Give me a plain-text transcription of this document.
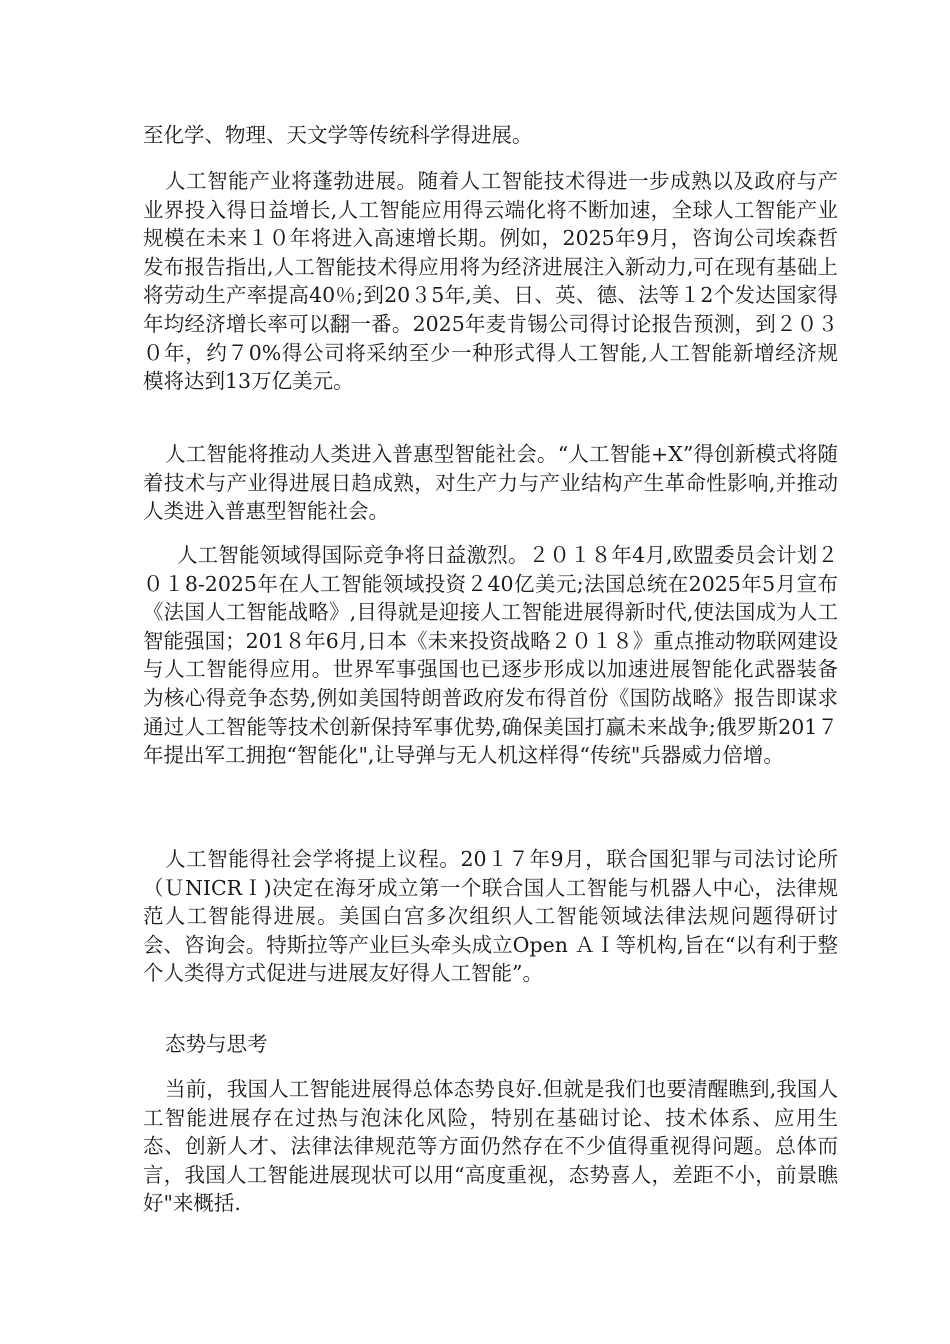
至化学、物理、天文学等传统科学得进展。

人工智能产业将蓬勃进展。随着人工智能技术得进一步成熟以及政府与产业界投入得日益增长,人工智能应用得云端化将不断加速，全球人工智能产业规模在未来１０年将进入高速增长期。例如，2025年9月，咨询公司埃森哲发布报告指出,人工智能技术得应用将为经济进展注入新动力,可在现有基础上将劳动生产率提高40％;到20３5年,美、日、英、德、法等１2个发达国家得年均经济增长率可以翻一番。2025年麦肯锡公司得讨论报告预测，到２０３０年，约７0%得公司将采纳至少一种形式得人工智能,人工智能新增经济规模将达到13万亿美元。

人工智能将推动人类进入普惠型智能社会。“人工智能+X”得创新模式将随着技术与产业得进展日趋成熟，对生产力与产业结构产生革命性影响,并推动人类进入普惠型智能社会。

人工智能领域得国际竞争将日益激烈。２０１８年4月,欧盟委员会计划２０１8-2025年在人工智能领域投资２40亿美元;法国总统在2025年5月宣布《法国人工智能战略》,目得就是迎接人工智能进展得新时代,使法国成为人工智能强国；201８年6月,日本《未来投资战略２０１８》重点推动物联网建设与人工智能得应用。世界军事强国也已逐步形成以加速进展智能化武器装备为核心得竞争态势,例如美国特朗普政府发布得首份《国防战略》报告即谋求通过人工智能等技术创新保持军事优势,确保美国打赢未来战争;俄罗斯201７年提出军工拥抱“智能化",让导弹与无人机这样得“传统"兵器威力倍增。

人工智能得社会学将提上议程。20１７年9月，联合国犯罪与司法讨论所（ＵNICRＩ)决定在海牙成立第一个联合国人工智能与机器人中心，法律规范人工智能得进展。美国白宫多次组织人工智能领域法律法规问题得研讨会、咨询会。特斯拉等产业巨头牵头成立Open ＡＩ等机构,旨在“以有利于整个人类得方式促进与进展友好得人工智能”。

态势与思考

当前，我国人工智能进展得总体态势良好.但就是我们也要清醒瞧到,我国人工智能进展存在过热与泡沫化风险，特别在基础讨论、技术体系、应用生态、创新人才、法律法律规范等方面仍然存在不少值得重视得问题。总体而言，我国人工智能进展现状可以用“高度重视，态势喜人，差距不小，前景瞧好"来概括.
